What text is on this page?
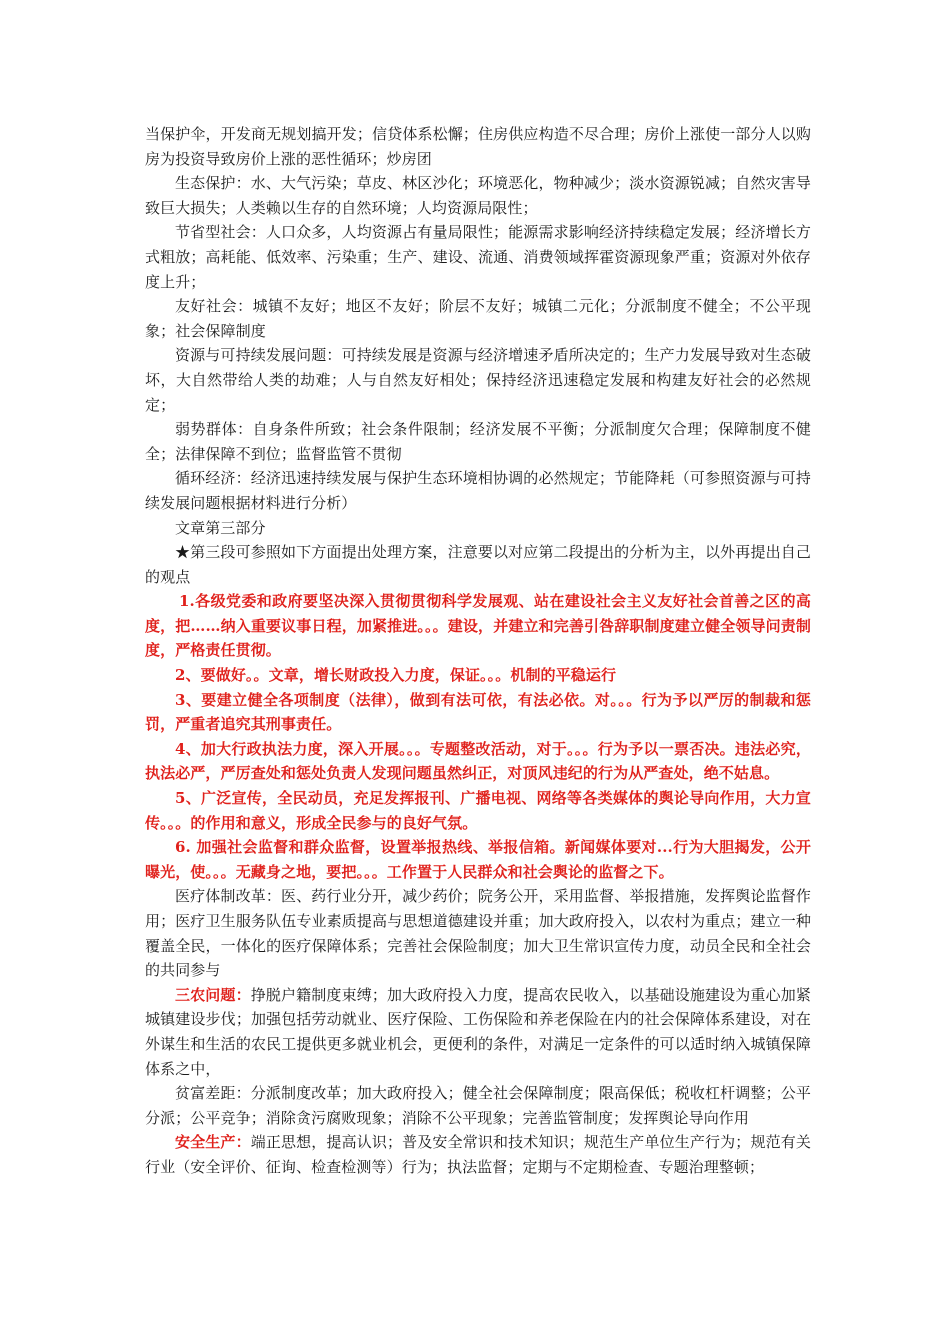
当保护伞，开发商无规划搞开发；信贷体系松懈；住房供应构造不尽合理；房价上涨使一部分人以购房为投资导致房价上涨的恶性循环；炒房团

生态保护：水、大气污染；草皮、林区沙化；环境恶化，物种减少；淡水资源锐减；自然灾害导致巨大损失；人类赖以生存的自然环境；人均资源局限性；

节省型社会：人口众多，人均资源占有量局限性；能源需求影响经济持续稳定发展；经济增长方式粗放；高耗能、低效率、污染重；生产、建设、流通、消费领域挥霍资源现象严重；资源对外依存度上升；

友好社会：城镇不友好；地区不友好；阶层不友好；城镇二元化；分派制度不健全；不公平现象；社会保障制度

资源与可持续发展问题：可持续发展是资源与经济增速矛盾所决定的；生产力发展导致对生态破坏，大自然带给人类的劫难；人与自然友好相处；保持经济迅速稳定发展和构建友好社会的必然规定；

弱势群体：自身条件所致；社会条件限制；经济发展不平衡；分派制度欠合理；保障制度不健全；法律保障不到位；监督监管不贯彻

循环经济：经济迅速持续发展与保护生态环境相协调的必然规定；节能降耗（可参照资源与可持续发展问题根据材料进行分析）

文章第三部分

★第三段可参照如下方面提出处理方案，注意要以对应第二段提出的分析为主，以外再提出自己的观点

1.各级党委和政府要坚决深入贯彻贯彻科学发展观、站在建设社会主义友好社会首善之区的高度，把……纳入重要议事日程，加紧推进。。。建设，并建立和完善引咎辞职制度建立健全领导问责制度，严格责任贯彻。

2、要做好。。文章，增长财政投入力度，保证。。。机制的平稳运行

3、要建立健全各项制度（法律），做到有法可依，有法必依。对。。。行为予以严厉的制裁和惩罚，严重者追究其刑事责任。

4、加大行政执法力度，深入开展。。。专题整改活动，对于。。。行为予以一票否决。违法必究，执法必严，严厉查处和惩处负责人发现问题虽然纠正，对顶风违纪的行为从严查处，绝不姑息。

5、广泛宣传，全民动员，充足发挥报刊、广播电视、网络等各类媒体的舆论导向作用，大力宣传。。。的作用和意义，形成全民参与的良好气氛。

6. 加强社会监督和群众监督，设置举报热线、举报信箱。新闻媒体要对...行为大胆揭发，公开曝光，使。。。无藏身之地，要把。。。工作置于人民群众和社会舆论的监督之下。

医疗体制改革：医、药行业分开，减少药价；院务公开，采用监督、举报措施，发挥舆论监督作用；医疗卫生服务队伍专业素质提高与思想道德建设并重；加大政府投入，以农村为重点；建立一种覆盖全民，一体化的医疗保障体系；完善社会保险制度；加大卫生常识宣传力度，动员全民和全社会的共同参与

三农问题：挣脱户籍制度束缚；加大政府投入力度，提高农民收入，以基础设施建设为重心加紧城镇建设步伐；加强包括劳动就业、医疗保险、工伤保险和养老保险在内的社会保障体系建设，对在外谋生和生活的农民工提供更多就业机会，更便利的条件，对满足一定条件的可以适时纳入城镇保障体系之中，

贫富差距：分派制度改革；加大政府投入；健全社会保障制度；限高保低；税收杠杆调整；公平分派；公平竞争；消除贪污腐败现象；消除不公平现象；完善监管制度；发挥舆论导向作用

安全生产：端正思想，提高认识；普及安全常识和技术知识；规范生产单位生产行为；规范有关行业（安全评价、征询、检查检测等）行为；执法监督；定期与不定期检查、专题治理整顿；
